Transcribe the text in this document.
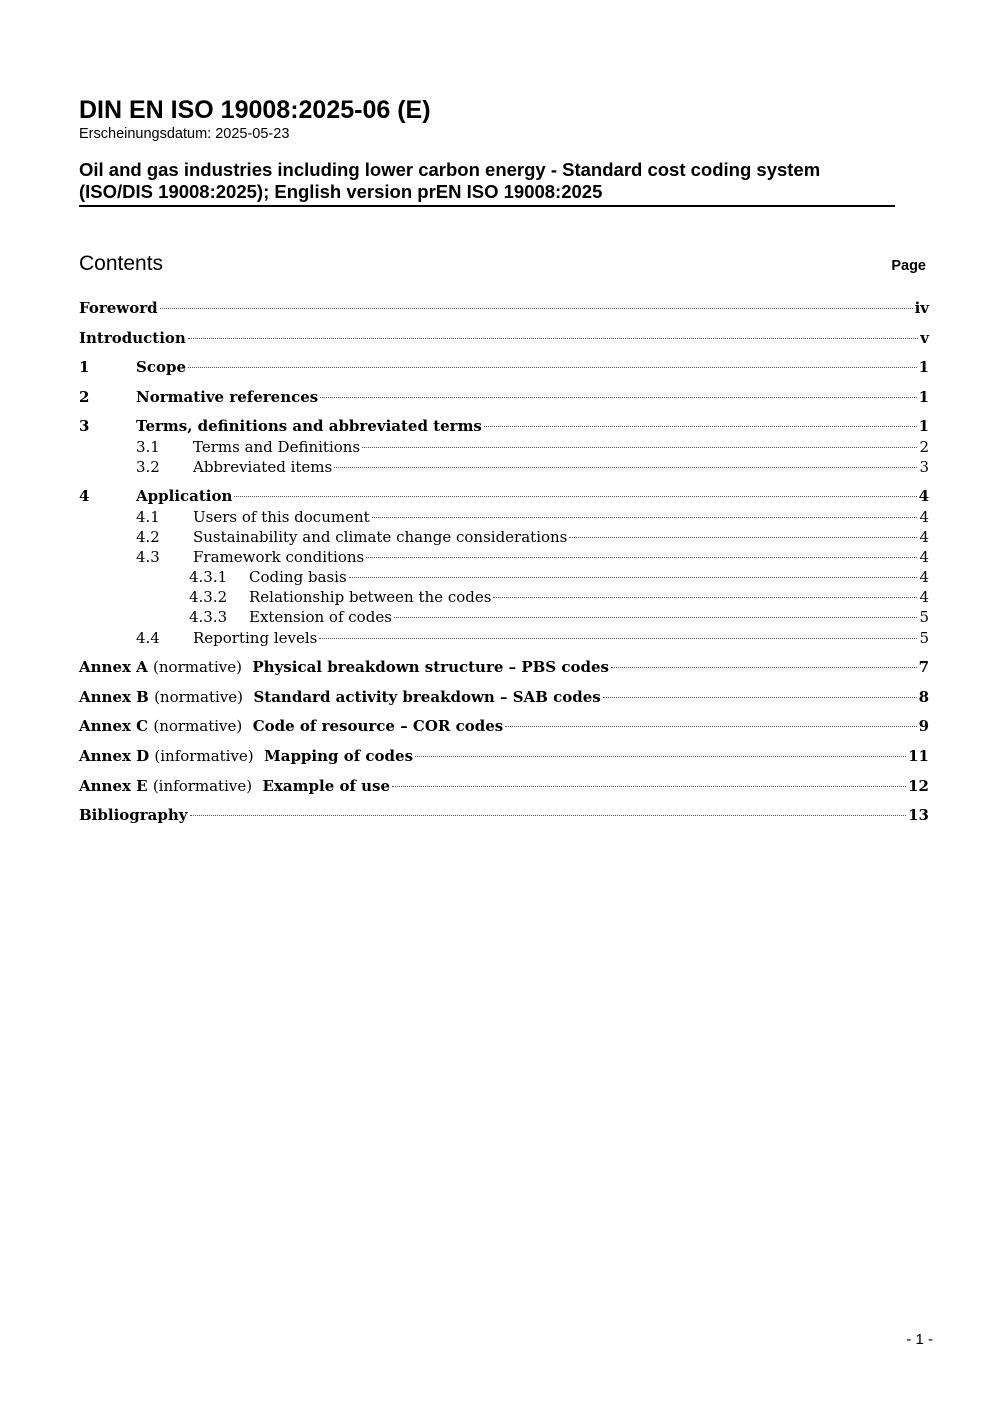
DIN EN ISO 19008:2025-06 (E)

Erscheinungsdatum: 2025-05-23

Oil and gas industries including lower carbon energy - Standard cost coding system (ISO/DIS 19008:2025); English version prEN ISO 19008:2025

Contents	Page
Foreword	iv
Introduction	v
1	Scope	1
2	Normative references	1
3	Terms, definitions and abbreviated terms	1
3.1	Terms and Definitions	2
3.2	Abbreviated items	3
4	Application	4
4.1	Users of this document	4
4.2	Sustainability and climate change considerations	4
4.3	Framework conditions	4
4.3.1	Coding basis	4
4.3.2	Relationship between the codes	4
4.3.3	Extension of codes	5
4.4	Reporting levels	5
Annex A (normative) Physical breakdown structure – PBS codes	7
Annex B (normative) Standard activity breakdown – SAB codes	8
Annex C (normative) Code of resource – COR codes	9
Annex D (informative) Mapping of codes	11
Annex E (informative) Example of use	12
Bibliography	13
- 1 -
